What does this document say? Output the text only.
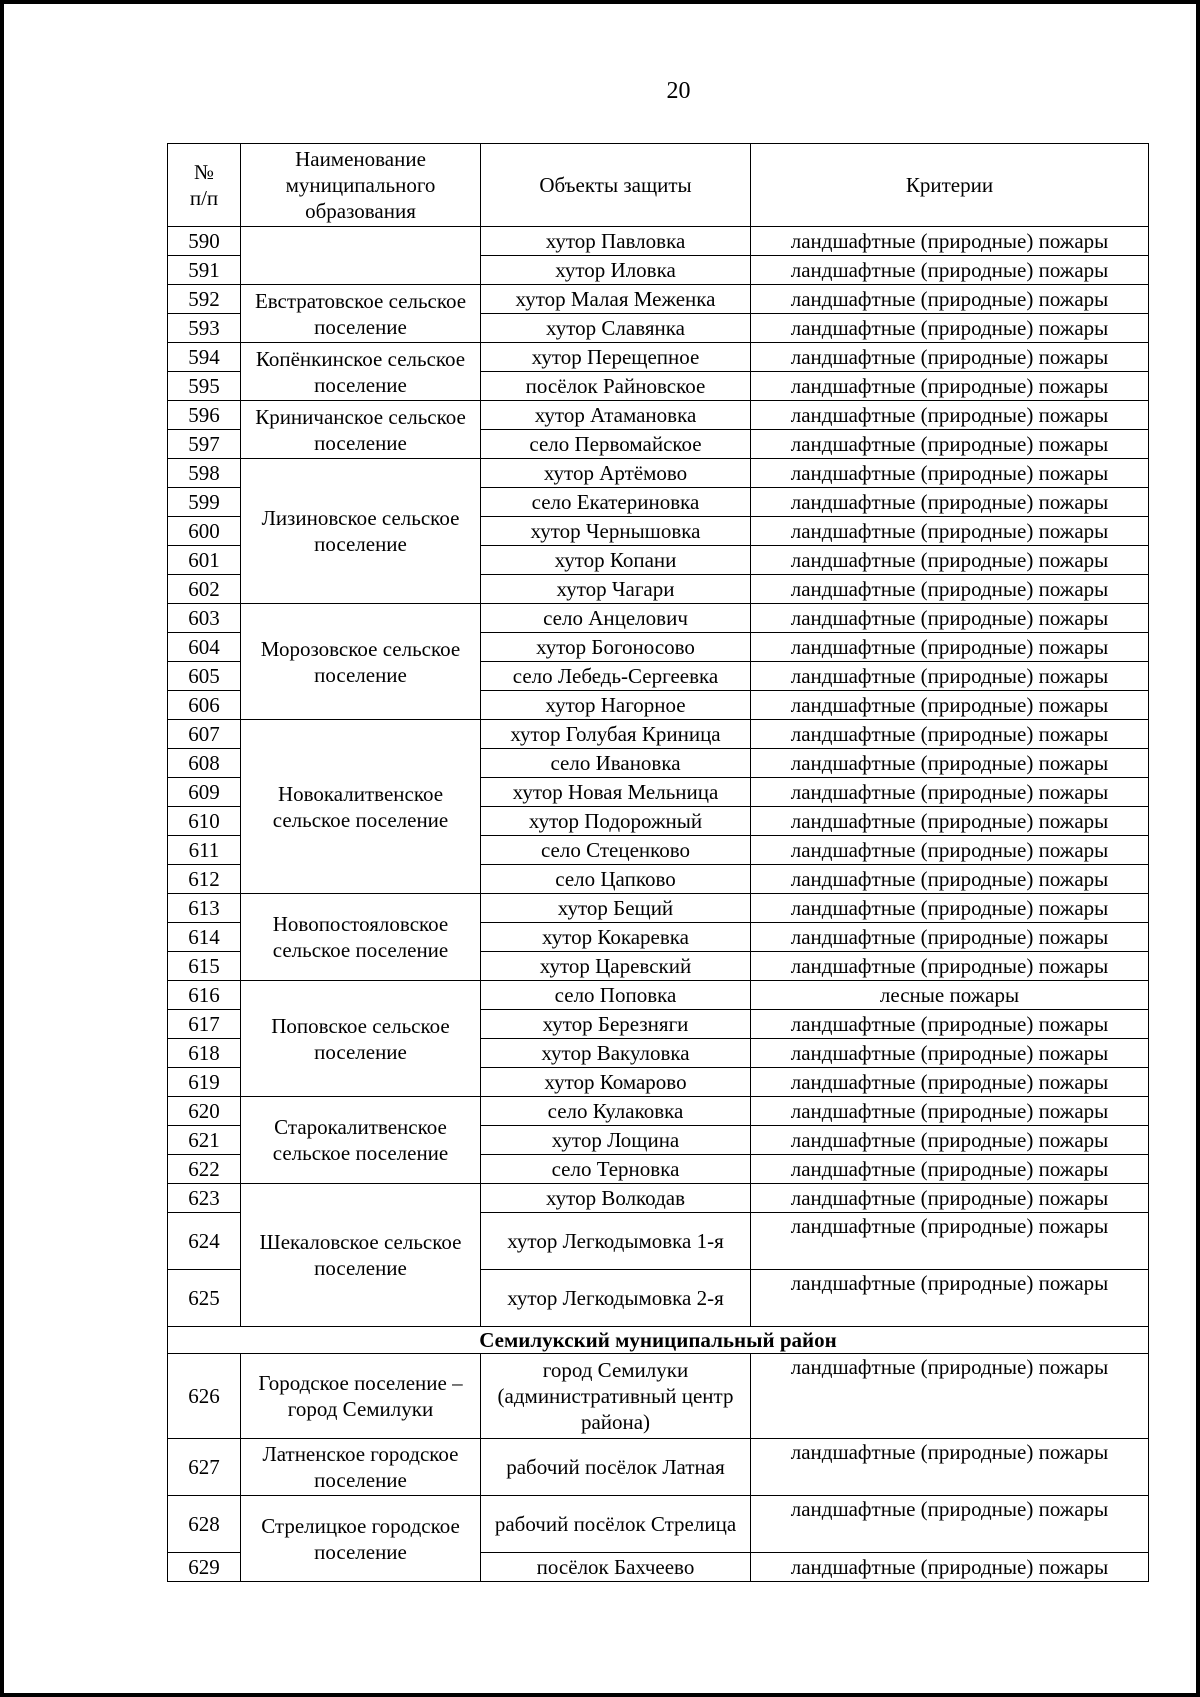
20
№
п/п	Наименование муниципального образования	Объекты защиты	Критерии
590		хутор Павловка	ландшафтные (природные) пожары
591		хутор Иловка	ландшафтные (природные) пожары
592	Евстратовское сельское поселение	хутор Малая Меженка	ландшафтные (природные) пожары
593		хутор Славянка	ландшафтные (природные) пожары
594	Копёнкинское сельское поселение	хутор Перещепное	ландшафтные (природные) пожары
595		посёлок Райновское	ландшафтные (природные) пожары
596	Криничанское сельское поселение	хутор Атамановка	ландшафтные (природные) пожары
597		село Первомайское	ландшафтные (природные) пожары
598	Лизиновское сельское поселение	хутор Артёмово	ландшафтные (природные) пожары
599		село Екатериновка	ландшафтные (природные) пожары
600		хутор Чернышовка	ландшафтные (природные) пожары
601		хутор Копани	ландшафтные (природные) пожары
602		хутор Чагари	ландшафтные (природные) пожары
603	Морозовское сельское поселение	село Анцелович	ландшафтные (природные) пожары
604		хутор Богоносово	ландшафтные (природные) пожары
605		село Лебедь-Сергеевка	ландшафтные (природные) пожары
606		хутор Нагорное	ландшафтные (природные) пожары
607	Новокалитвенское сельское поселение	хутор Голубая Криница	ландшафтные (природные) пожары
608		село Ивановка	ландшафтные (природные) пожары
609		хутор Новая Мельница	ландшафтные (природные) пожары
610		хутор Подорожный	ландшафтные (природные) пожары
611		село Стеценково	ландшафтные (природные) пожары
612		село Цапково	ландшафтные (природные) пожары
613	Новопостояловское сельское поселение	хутор Бещий	ландшафтные (природные) пожары
614		хутор Кокаревка	ландшафтные (природные) пожары
615		хутор Царевский	ландшафтные (природные) пожары
616	Поповское сельское поселение	село Поповка	лесные пожары
617		хутор Березняги	ландшафтные (природные) пожары
618		хутор Вакуловка	ландшафтные (природные) пожары
619		хутор Комарово	ландшафтные (природные) пожары
620	Старокалитвенское сельское поселение	село Кулаковка	ландшафтные (природные) пожары
621		хутор Лощина	ландшафтные (природные) пожары
622		село Терновка	ландшафтные (природные) пожары
623	Шекаловское сельское поселение	хутор Волкодав	ландшафтные (природные) пожары
624		хутор Легкодымовка 1-я	ландшафтные (природные) пожары
625		хутор Легкодымовка 2-я	ландшафтные (природные) пожары
Семилукский муниципальный район			
626	Городское поселение – город Семилуки	город Семилуки (административный центр района)	ландшафтные (природные) пожары
627	Латненское городское поселение	рабочий посёлок Латная	ландшафтные (природные) пожары
628	Стрелицкое городское поселение	рабочий посёлок Стрелица	ландшафтные (природные) пожары
629		посёлок Бахчеево	ландшафтные (природные) пожары
